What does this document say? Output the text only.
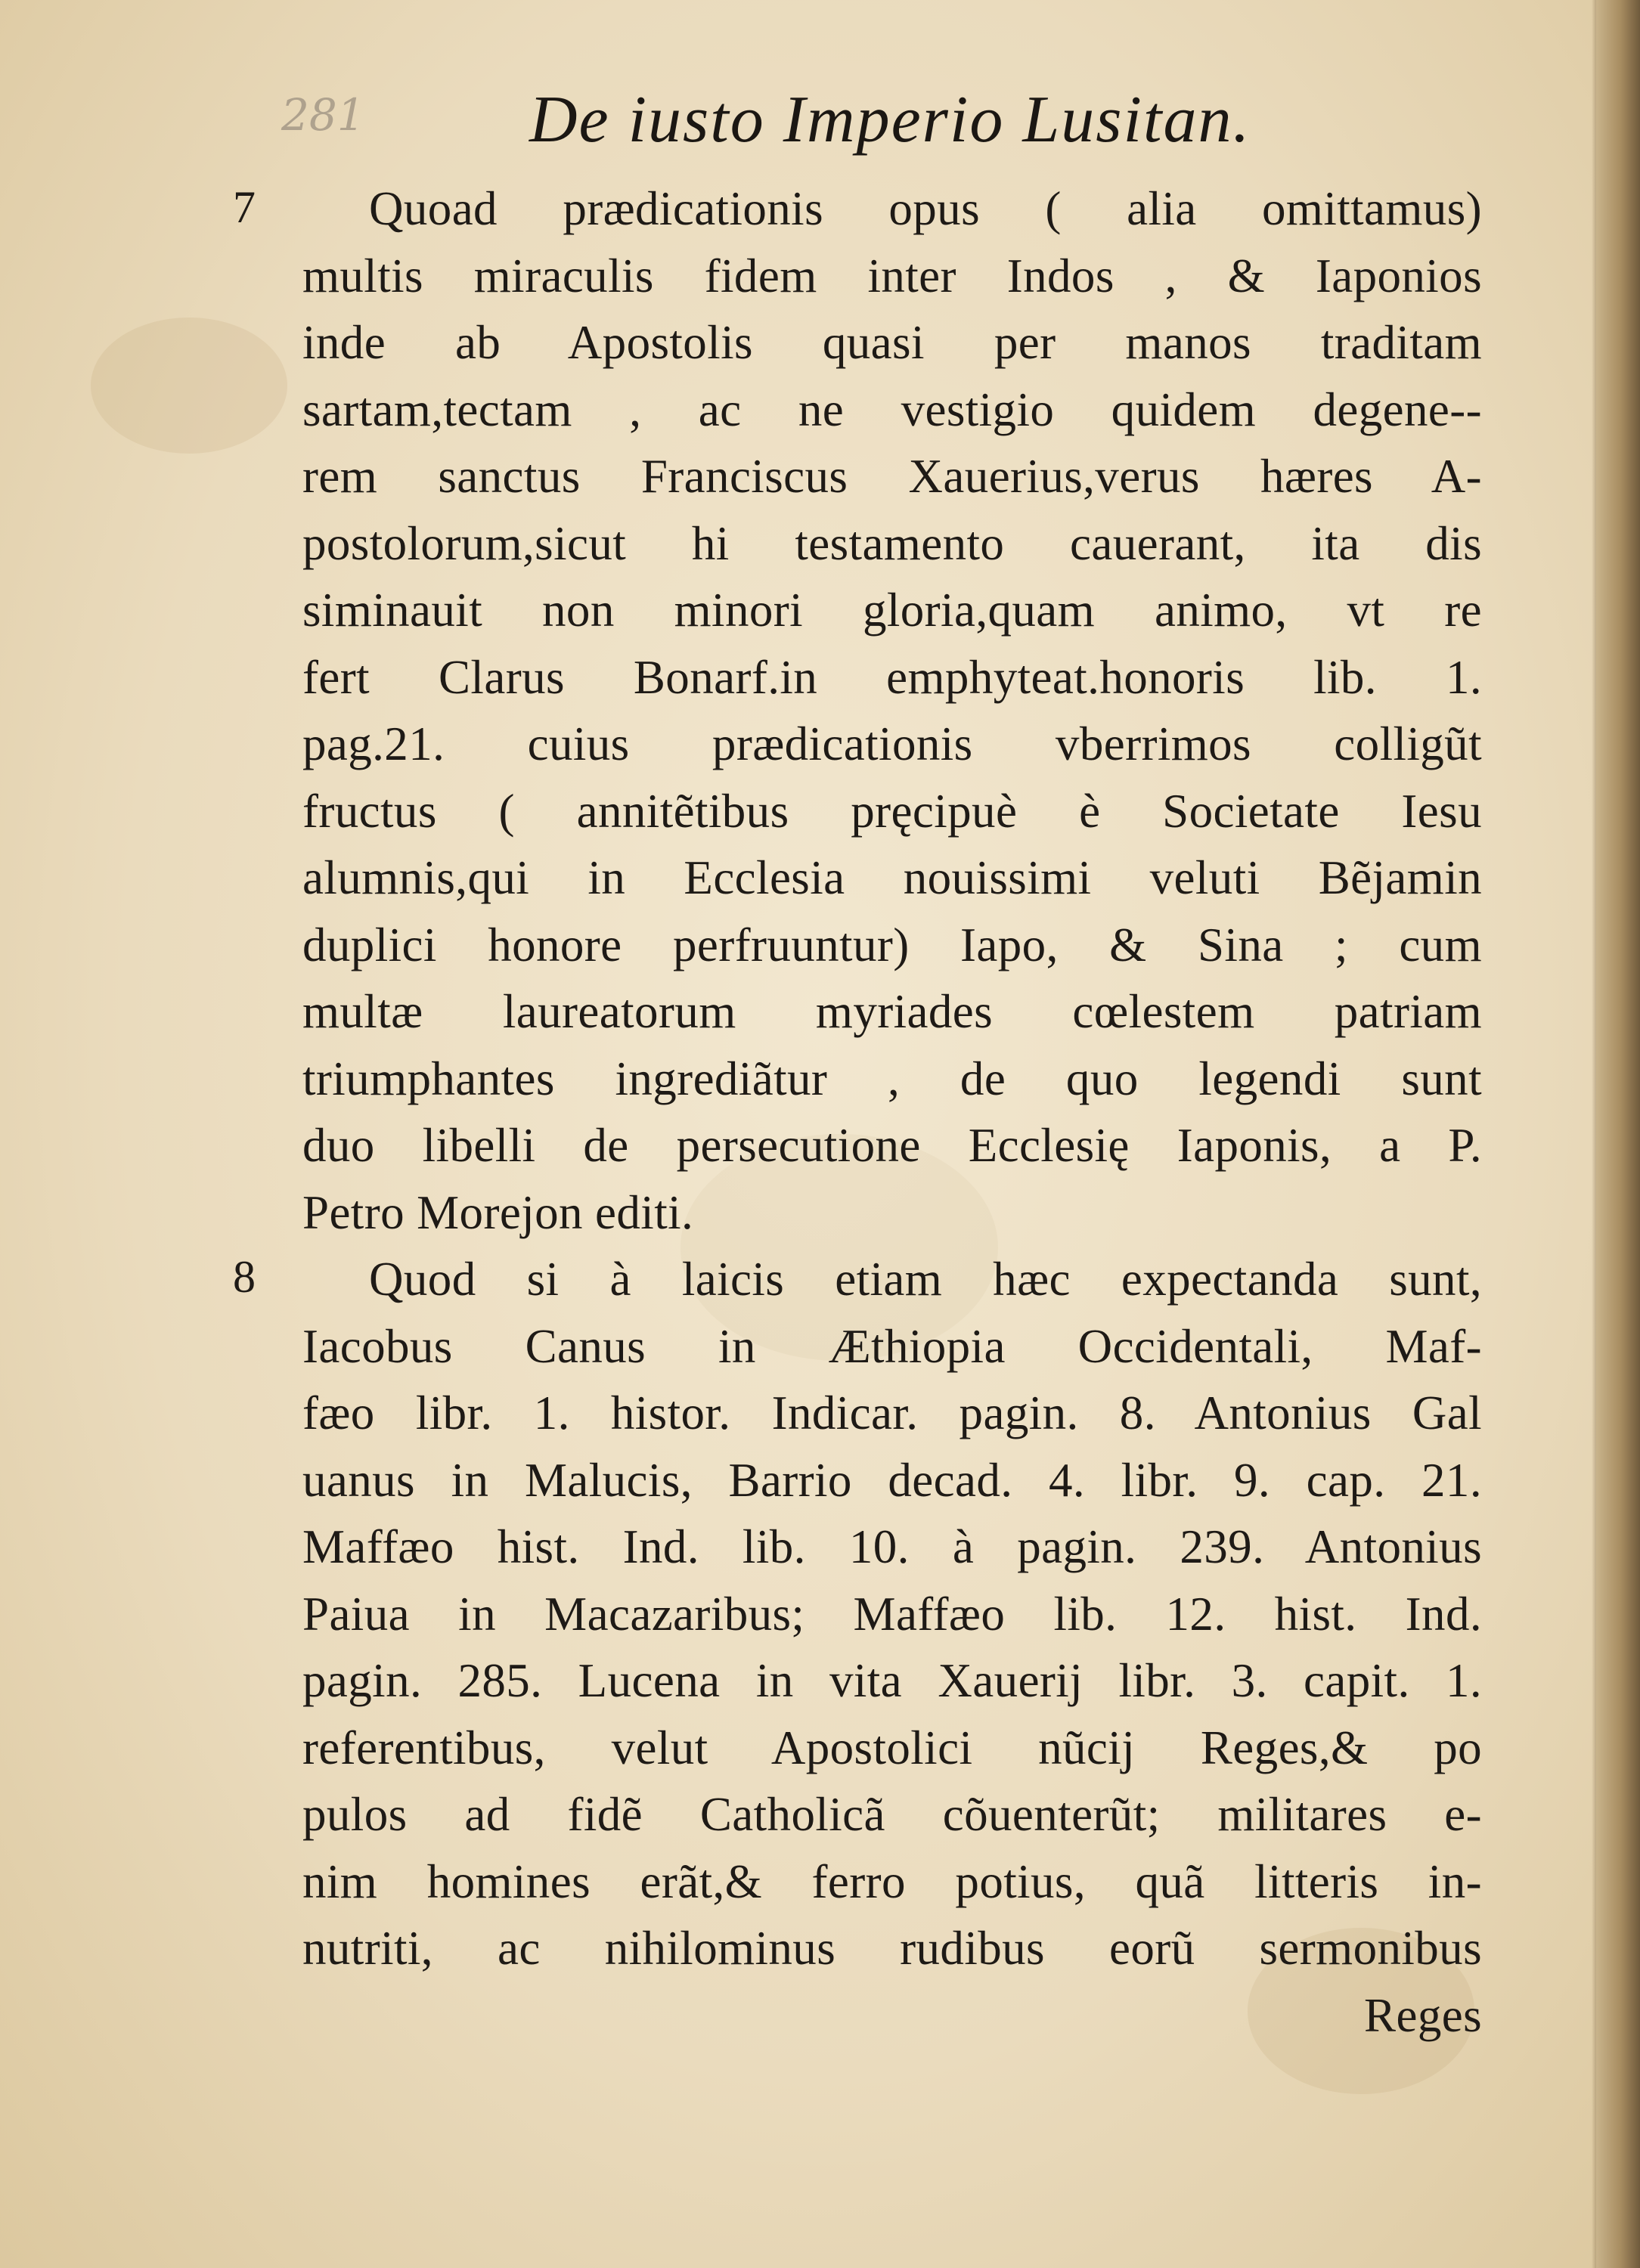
281 De iusto Imperio Lusitan.
7
8
Quoad prædicationis opus ( alia omittamus)
multis miraculis fidem inter Indos , & Iaponios
inde ab Apostolis quasi per manos traditam
sartam,tectam , ac ne vestigio quidem degene--
rem sanctus Franciscus Xauerius,verus hæres A-
postolorum,sicut hi testamento cauerant, ita dis
siminauit non minori gloria,quam animo, vt re
fert Clarus Bonarf.in emphyteat.honoris lib. 1.
pag.21. cuius prædicationis vberrimos colligũt
fructus ( annitẽtibus pręcipuè è Societate Iesu
alumnis,qui in Ecclesia nouissimi veluti Bẽjamin
duplici honore perfruuntur) Iapo, & Sina ; cum
multæ laureatorum myriades cœlestem patriam
triumphantes ingrediãtur , de quo legendi sunt
duo libelli de persecutione Ecclesię Iaponis, a P.
Petro Morejon editi.
Quod si à laicis etiam hæc expectanda sunt,
Iacobus Canus in Æthiopia Occidentali, Maf-
fæo libr. 1. histor. Indicar. pagin. 8. Antonius Gal
uanus in Malucis, Barrio decad. 4. libr. 9. cap. 21.
Maffæo hist. Ind. lib. 10. à pagin. 239. Antonius
Paiua in Macazaribus; Maffæo lib. 12. hist. Ind.
pagin. 285. Lucena in vita Xauerij libr. 3. capit. 1.
referentibus, velut Apostolici nũcij Reges,& po
pulos ad fidẽ Catholicã cõuenterũt; militares e-
nim homines erãt,& ferro potius, quã litteris in-
nutriti, ac nihilominus rudibus eorũ sermonibus
Reges
